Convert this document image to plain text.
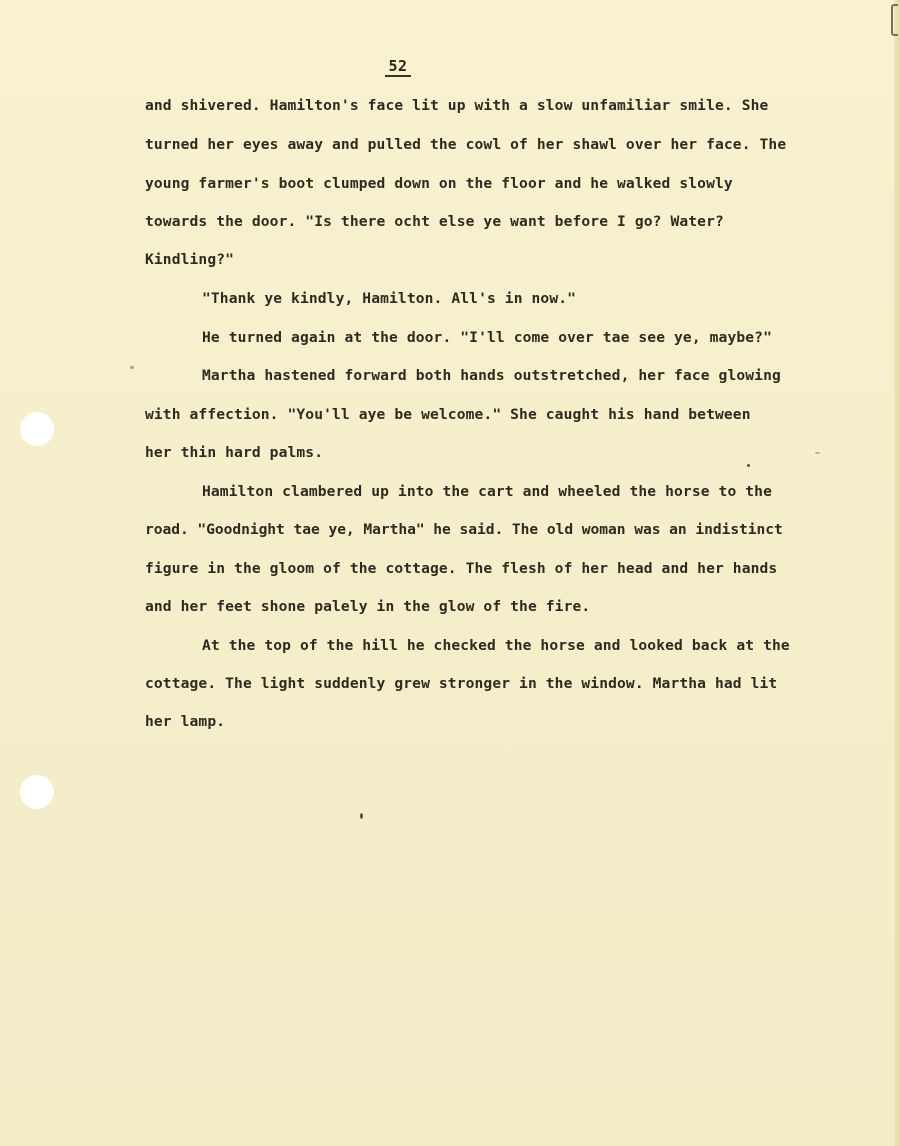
52
and shivered. Hamilton's face lit up with a slow unfamiliar smile. She
turned her eyes away and pulled the cowl of her shawl over her face. The
young farmer's boot clumped down on the floor and he walked slowly
towards the door. "Is there ocht else ye want before I go? Water?
Kindling?"
"Thank ye kindly, Hamilton. All's in now."
He turned again at the door. "I'll come over tae see ye, maybe?"
Martha hastened forward both hands outstretched, her face glowing
with affection. "You'll aye be welcome." She caught his hand between
her thin hard palms.
Hamilton clambered up into the cart and wheeled the horse to the
road. "Goodnight tae ye, Martha" he said. The old woman was an indistinct
figure in the gloom of the cottage. The flesh of her head and her hands
and her feet shone palely in the glow of the fire.
At the top of the hill he checked the horse and looked back at the
cottage. The light suddenly grew stronger in the window. Martha had lit
her lamp.
